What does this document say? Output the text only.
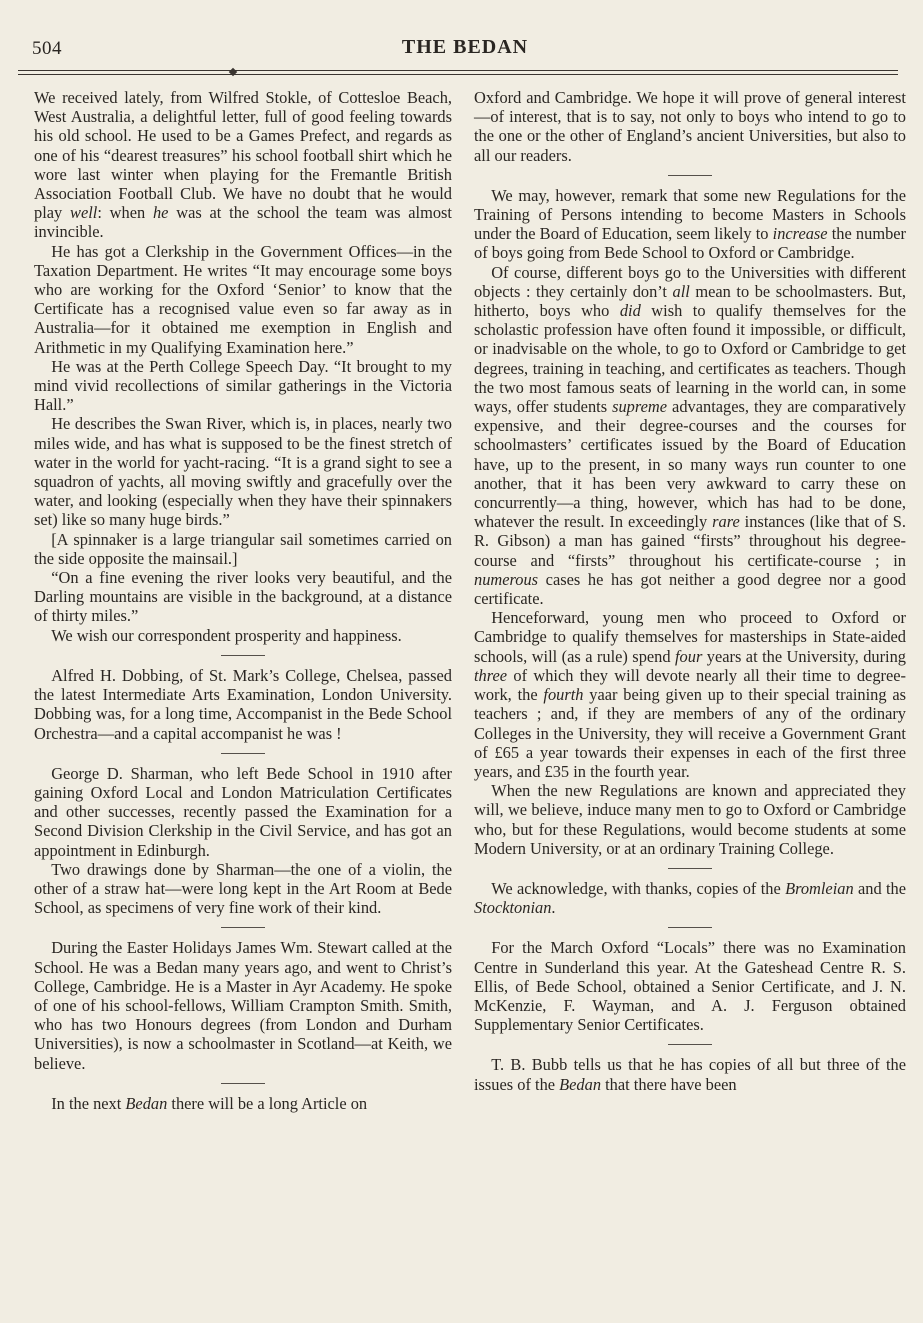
504	THE BEDAN

We received lately, from Wilfred Stokle, of Cottesloe Beach, West Australia, a delightful letter, full of good feeling towards his old school. He used to be a Games Prefect, and regards as one of his “dearest treasures” his school football shirt which he wore last winter when playing for the Fremantle British Association Football Club. We have no doubt that he would play well: when he was at the school the team was almost invincible.

He has got a Clerkship in the Government Offices—in the Taxation Department. He writes “It may encourage some boys who are working for the Oxford ‘Senior’ to know that the Certificate has a recognised value even so far away as in Australia—for it obtained me exemption in English and Arithmetic in my Qualifying Examination here.”

He was at the Perth College Speech Day. “It brought to my mind vivid recollections of similar gatherings in the Victoria Hall.”

He describes the Swan River, which is, in places, nearly two miles wide, and has what is supposed to be the finest stretch of water in the world for yacht-racing. “It is a grand sight to see a squadron of yachts, all moving swiftly and gracefully over the water, and looking (especially when they have their spinnakers set) like so many huge birds.”

[A spinnaker is a large triangular sail sometimes carried on the side opposite the mainsail.]

“On a fine evening the river looks very beautiful, and the Darling mountains are visible in the background, at a distance of thirty miles.”

We wish our correspondent prosperity and happiness.

Alfred H. Dobbing, of St. Mark’s College, Chelsea, passed the latest Intermediate Arts Examination, London University. Dobbing was, for a long time, Accompanist in the Bede School Orchestra—and a capital accompanist he was !

George D. Sharman, who left Bede School in 1910 after gaining Oxford Local and London Matriculation Certificates and other successes, recently passed the Examination for a Second Division Clerkship in the Civil Service, and has got an appointment in Edinburgh.

Two drawings done by Sharman—the one of a violin, the other of a straw hat—were long kept in the Art Room at Bede School, as specimens of very fine work of their kind.

During the Easter Holidays James Wm. Stewart called at the School. He was a Bedan many years ago, and went to Christ’s College, Cambridge. He is a Master in Ayr Academy. He spoke of one of his school-fellows, William Crampton Smith. Smith, who has two Honours degrees (from London and Durham Universities), is now a schoolmaster in Scotland—at Keith, we believe.

In the next Bedan there will be a long Article on

Oxford and Cambridge. We hope it will prove of general interest—of interest, that is to say, not only to boys who intend to go to the one or the other of England’s ancient Universities, but also to all our readers.

We may, however, remark that some new Regulations for the Training of Persons intending to become Masters in Schools under the Board of Education, seem likely to increase the number of boys going from Bede School to Oxford or Cambridge.

Of course, different boys go to the Universities with different objects : they certainly don’t all mean to be schoolmasters. But, hitherto, boys who did wish to qualify themselves for the scholastic profession have often found it impossible, or difficult, or inadvisable on the whole, to go to Oxford or Cambridge to get degrees, training in teaching, and certificates as teachers. Though the two most famous seats of learning in the world can, in some ways, offer students supreme advantages, they are comparatively expensive, and their degree-courses and the courses for schoolmasters’ certificates issued by the Board of Education have, up to the present, in so many ways run counter to one another, that it has been very awkward to carry these on concurrently—a thing, however, which has had to be done, whatever the result. In exceedingly rare instances (like that of S. R. Gibson) a man has gained “firsts” throughout his degree-course and “firsts” throughout his certificate-course ; in numerous cases he has got neither a good degree nor a good certificate.

Henceforward, young men who proceed to Oxford or Cambridge to qualify themselves for masterships in State-aided schools, will (as a rule) spend four years at the University, during three of which they will devote nearly all their time to degree-work, the fourth yaar being given up to their special training as teachers ; and, if they are members of any of the ordinary Colleges in the University, they will receive a Government Grant of £65 a year towards their expenses in each of the first three years, and £35 in the fourth year.

When the new Regulations are known and appreciated they will, we believe, induce many men to go to Oxford or Cambridge who, but for these Regulations, would become students at some Modern University, or at an ordinary Training College.

We acknowledge, with thanks, copies of the Bromleian and the Stocktonian.

For the March Oxford “Locals” there was no Examination Centre in Sunderland this year. At the Gateshead Centre R. S. Ellis, of Bede School, obtained a Senior Certificate, and J. N. McKenzie, F. Wayman, and A. J. Ferguson obtained Supplementary Senior Certificates.

T. B. Bubb tells us that he has copies of all but three of the issues of the Bedan that there have been
